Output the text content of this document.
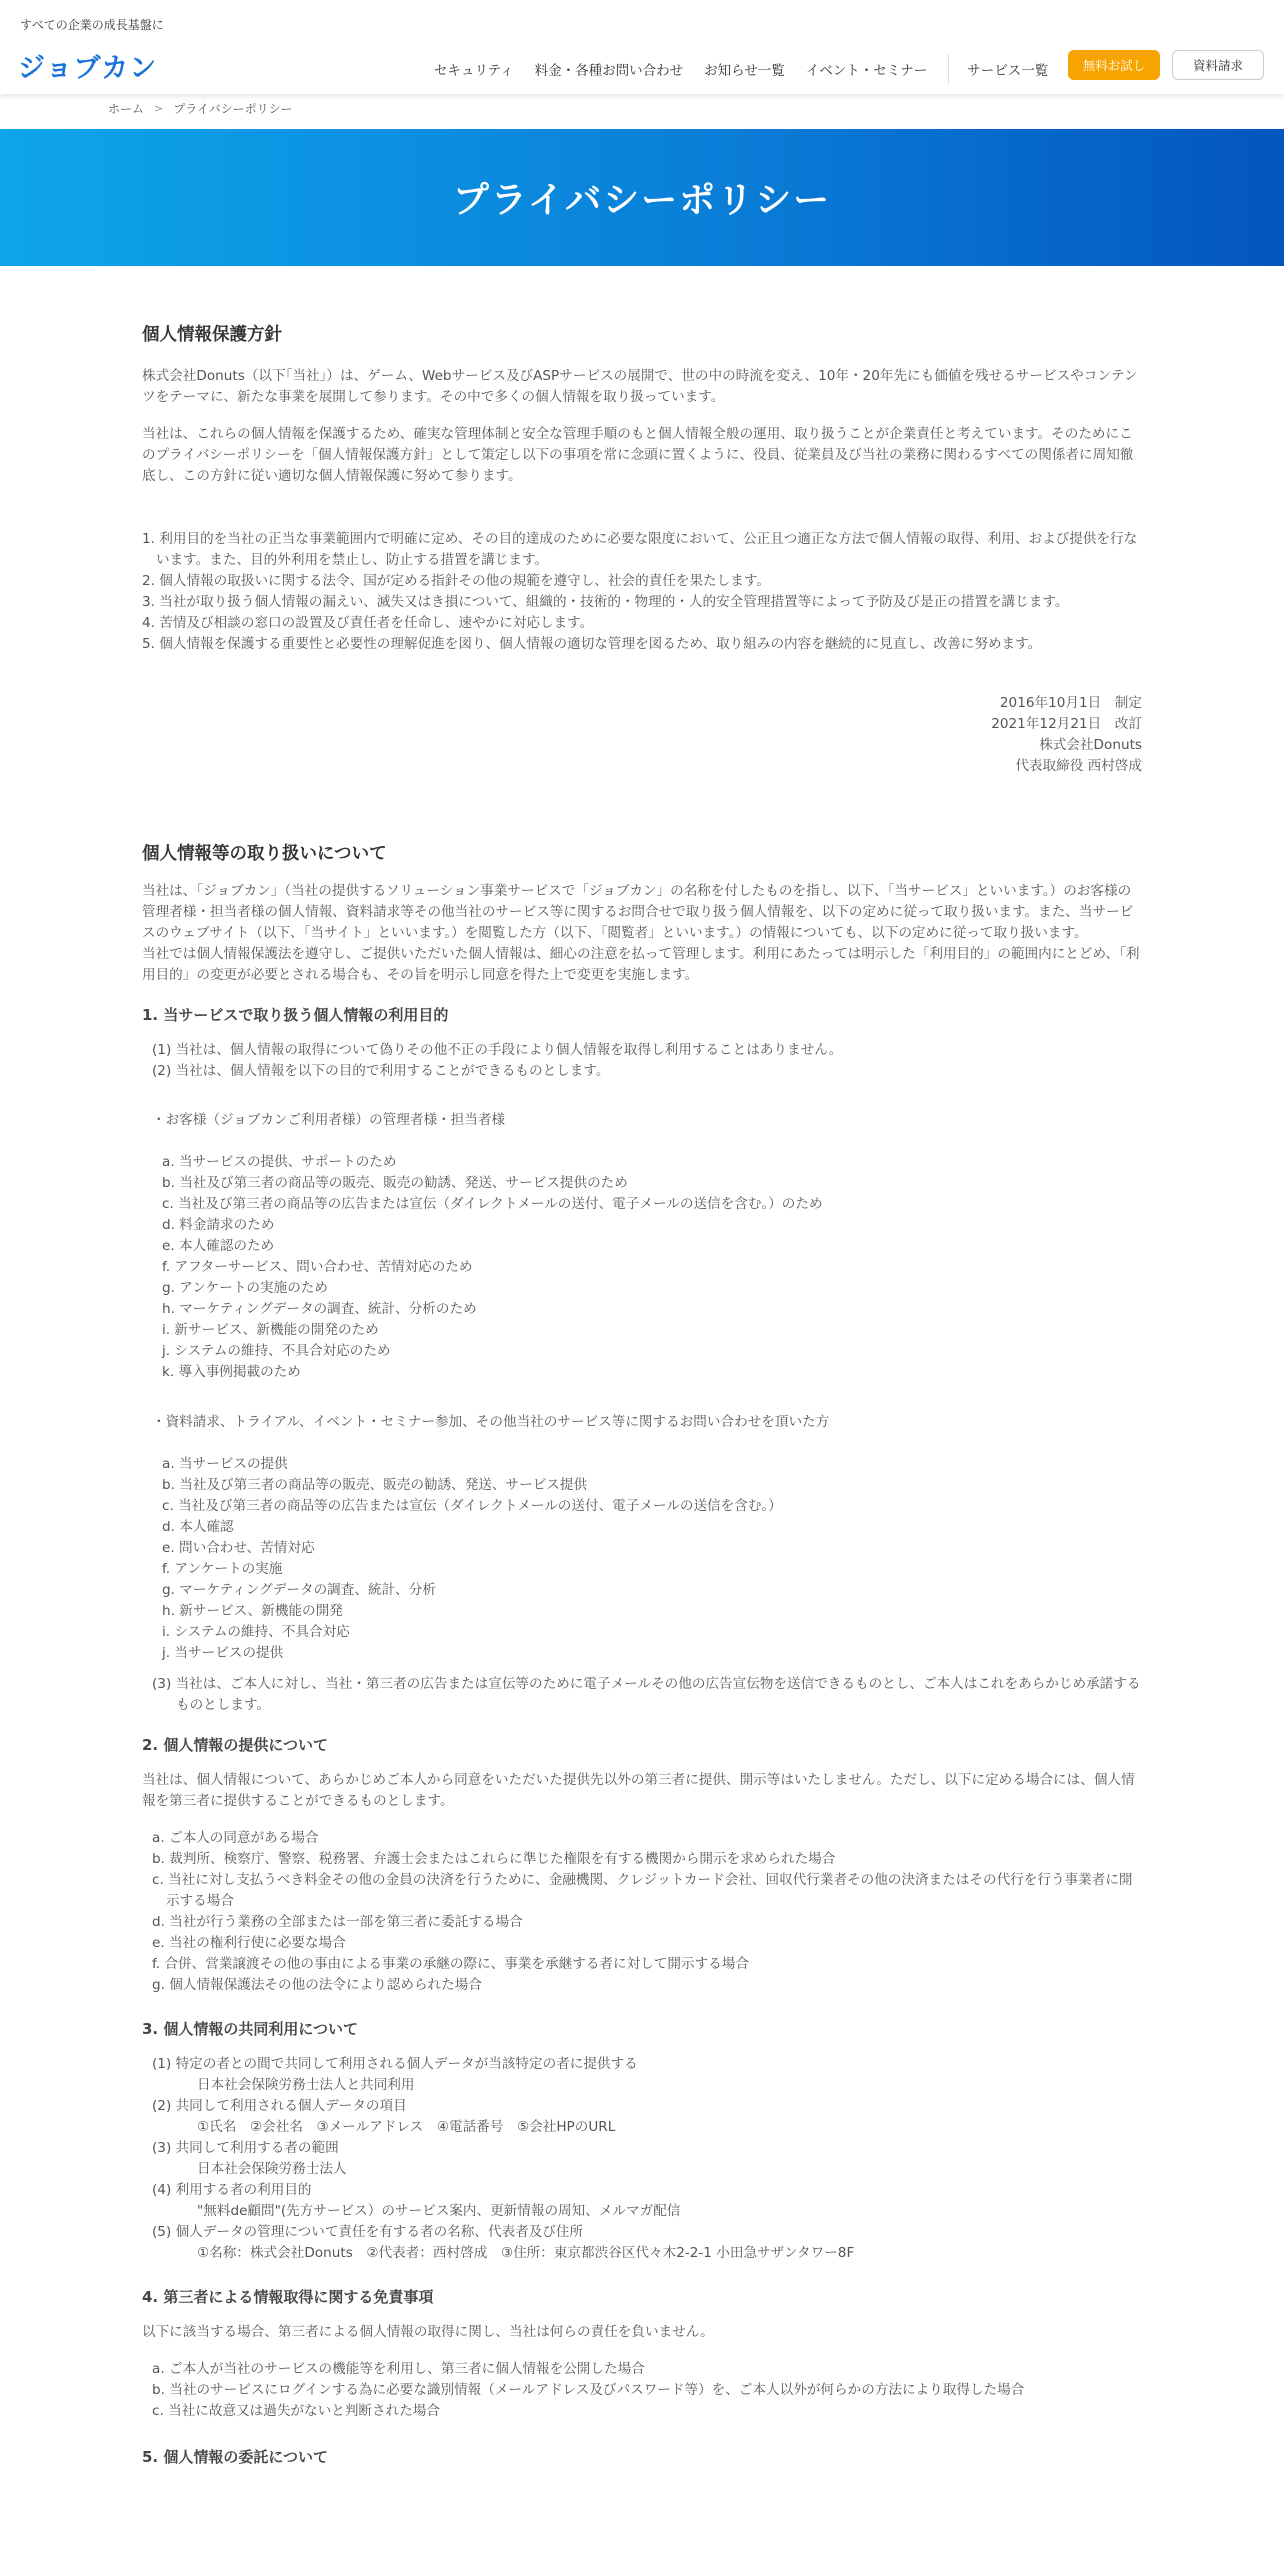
すべての企業の成長基盤に
ジョブカン	セキュリティ 料金・各種お問い合わせ お知らせ一覧 イベント・セミナー	サービス一覧	無料お試し	資料請求
ホーム > プライバシーポリシー
プライバシーポリシー
個人情報保護方針
株式会社Donuts（以下｢当社｣）は、ゲーム、Webサービス及びASPサービスの展開で、世の中の時流を変え、10年・20年先にも価値を残せるサービスやコンテンツをテーマに、新たな事業を展開して参ります。その中で多くの個人情報を取り扱っています。
当社は、これらの個人情報を保護するため、確実な管理体制と安全な管理手順のもと個人情報全般の運用、取り扱うことが企業責任と考えています。そのためにこのプライバシーポリシーを「個人情報保護方針」として策定し以下の事項を常に念頭に置くように、役員、従業員及び当社の業務に関わるすべての関係者に周知徹底し、この方針に従い適切な個人情報保護に努めて参ります。
1. 利用目的を当社の正当な事業範囲内で明確に定め、その目的達成のために必要な限度において、公正且つ適正な方法で個人情報の取得、利用、および提供を行ないます。また、目的外利用を禁止し、防止する措置を講じます。
2. 個人情報の取扱いに関する法令、国が定める指針その他の規範を遵守し、社会的責任を果たします。
3. 当社が取り扱う個人情報の漏えい、滅失又はき損について、組織的・技術的・物理的・人的安全管理措置等によって予防及び是正の措置を講じます。
4. 苦情及び相談の窓口の設置及び責任者を任命し、速やかに対応します。
5. 個人情報を保護する重要性と必要性の理解促進を図り、個人情報の適切な管理を図るため、取り組みの内容を継続的に見直し、改善に努めます。
2016年10月1日　制定
2021年12月21日　改訂
株式会社Donuts
代表取締役 西村啓成
個人情報等の取り扱いについて
当社は、「ジョブカン」（当社の提供するソリューション事業サービスで「ジョブカン」の名称を付したものを指し、以下、「当サービス」といいます。）のお客様の管理者様・担当者様の個人情報、資料請求等その他当社のサービス等に関するお問合せで取り扱う個人情報を、以下の定めに従って取り扱います。また、当サービスのウェブサイト（以下、「当サイト」といいます。）を閲覧した方（以下、「閲覧者」といいます。）の情報についても、以下の定めに従って取り扱います。
当社では個人情報保護法を遵守し、ご提供いただいた個人情報は、細心の注意を払って管理します。利用にあたっては明示した「利用目的」の範囲内にとどめ、「利用目的」の変更が必要とされる場合も、その旨を明示し同意を得た上で変更を実施します。
1. 当サービスで取り扱う個人情報の利用目的
(1) 当社は、個人情報の取得について偽りその他不正の手段により個人情報を取得し利用することはありません。
(2) 当社は、個人情報を以下の目的で利用することができるものとします。
・お客様（ジョブカンご利用者様）の管理者様・担当者様
a. 当サービスの提供、サポートのため
b. 当社及び第三者の商品等の販売、販売の勧誘、発送、サービス提供のため
c. 当社及び第三者の商品等の広告または宣伝（ダイレクトメールの送付、電子メールの送信を含む。）のため
d. 料金請求のため
e. 本人確認のため
f. アフターサービス、問い合わせ、苦情対応のため
g. アンケートの実施のため
h. マーケティングデータの調査、統計、分析のため
i. 新サービス、新機能の開発のため
j. システムの維持、不具合対応のため
k. 導入事例掲載のため
・資料請求、トライアル、イベント・セミナー参加、その他当社のサービス等に関するお問い合わせを頂いた方
a. 当サービスの提供
b. 当社及び第三者の商品等の販売、販売の勧誘、発送、サービス提供
c. 当社及び第三者の商品等の広告または宣伝（ダイレクトメールの送付、電子メールの送信を含む。）
d. 本人確認
e. 問い合わせ、苦情対応
f. アンケートの実施
g. マーケティングデータの調査、統計、分析
h. 新サービス、新機能の開発
i. システムの維持、不具合対応
j. 当サービスの提供
(3) 当社は、ご本人に対し、当社・第三者の広告または宣伝等のために電子メールその他の広告宣伝物を送信できるものとし、ご本人はこれをあらかじめ承諾するものとします。
2. 個人情報の提供について
当社は、個人情報について、あらかじめご本人から同意をいただいた提供先以外の第三者に提供、開示等はいたしません。ただし、以下に定める場合には、個人情報を第三者に提供することができるものとします。
a. ご本人の同意がある場合
b. 裁判所、検察庁、警察、税務署、弁護士会またはこれらに準じた権限を有する機関から開示を求められた場合
c. 当社に対し支払うべき料金その他の金員の決済を行うために、金融機関、クレジットカード会社、回収代行業者その他の決済またはその代行を行う事業者に開示する場合
d. 当社が行う業務の全部または一部を第三者に委託する場合
e. 当社の権利行使に必要な場合
f. 合併、営業譲渡その他の事由による事業の承継の際に、事業を承継する者に対して開示する場合
g. 個人情報保護法その他の法令により認められた場合
3. 個人情報の共同利用について
(1) 特定の者との間で共同して利用される個人データが当該特定の者に提供する
日本社会保険労務士法人と共同利用
(2) 共同して利用される個人データの項目
①氏名　②会社名　③メールアドレス　④電話番号　⑤会社HPのURL
(3) 共同して利用する者の範囲
日本社会保険労務士法人
(4) 利用する者の利用目的
"無料de顧問"(先方サービス）のサービス案内、更新情報の周知、メルマガ配信
(5) 個人データの管理について責任を有する者の名称、代表者及び住所
①名称：株式会社Donuts　②代表者：西村啓成　③住所：東京都渋谷区代々木2-2-1 小田急サザンタワー8F
4. 第三者による情報取得に関する免責事項
以下に該当する場合、第三者による個人情報の取得に関し、当社は何らの責任を負いません。
a. ご本人が当社のサービスの機能等を利用し、第三者に個人情報を公開した場合
b. 当社のサービスにログインする為に必要な識別情報（メールアドレス及びパスワード等）を、ご本人以外が何らかの方法により取得した場合
c. 当社に故意又は過失がないと判断された場合
5. 個人情報の委託について
